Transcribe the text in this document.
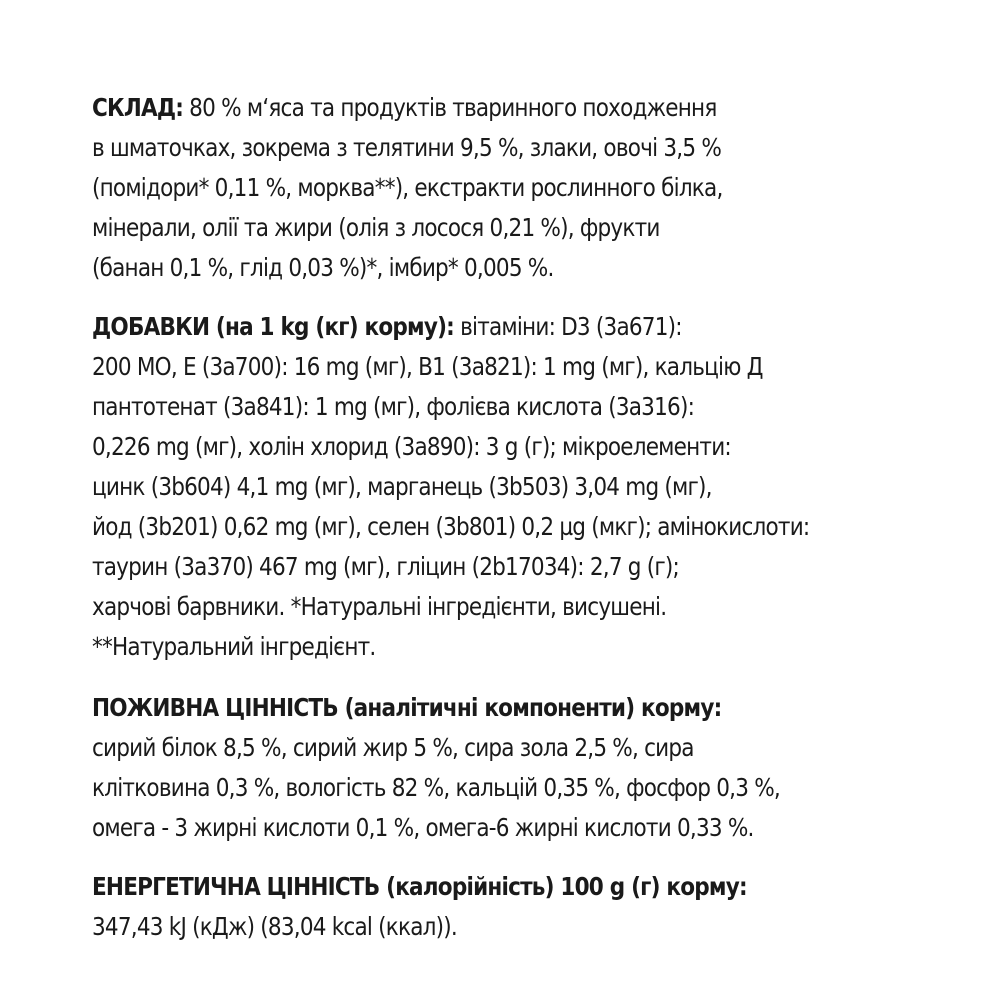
СКЛАД: 80 % м‘яса та продуктів тваринного походження
в шматочках, зокрема з телятини 9,5 %, злаки, овочі 3,5 %
(помідори* 0,11 %, морква**), екстракти рослинного білка,
мінерали, олії та жири (олія з лосося 0,21 %), фрукти
(банан 0,1 %, глід 0,03 %)*, імбир* 0,005 %.
ДОБАВКИ (на 1 kg (кг) корму): вітаміни: D3 (3a671):
200 МО, Е (3a700): 16 mg (мг), В1 (3a821): 1 mg (мг), кальцію Д
пантотенат (3a841): 1 mg (мг), фолієва кислота (3a316):
0,226 mg (мг), холін хлорид (3a890): 3 g (г); мікроелементи:
цинк (3b604) 4,1 mg (мг), марганець (3b503) 3,04 mg (мг),
йод (3b201) 0,62 mg (мг), селен (3b801) 0,2 µg (мкг); амінокислоти:
таурин (3a370) 467 mg (мг), гліцин (2b17034): 2,7 g (г);
харчові барвники. *Натуральні інгредієнти, висушені.
**Натуральний інгредієнт.
ПОЖИВНА ЦІННІСТЬ (аналітичні компоненти) корму:
сирий білок 8,5 %, сирий жир 5 %, сира зола 2,5 %, сира
клітковина 0,3 %, вологість 82 %, кальцій 0,35 %, фосфор 0,3 %,
омега - 3 жирні кислоти 0,1 %, омега-6 жирні кислоти 0,33 %.
ЕНЕРГЕТИЧНА ЦІННІСТЬ (калорійність) 100 g (г) корму:
347,43 kJ (кДж) (83,04 kcal (ккал)).
